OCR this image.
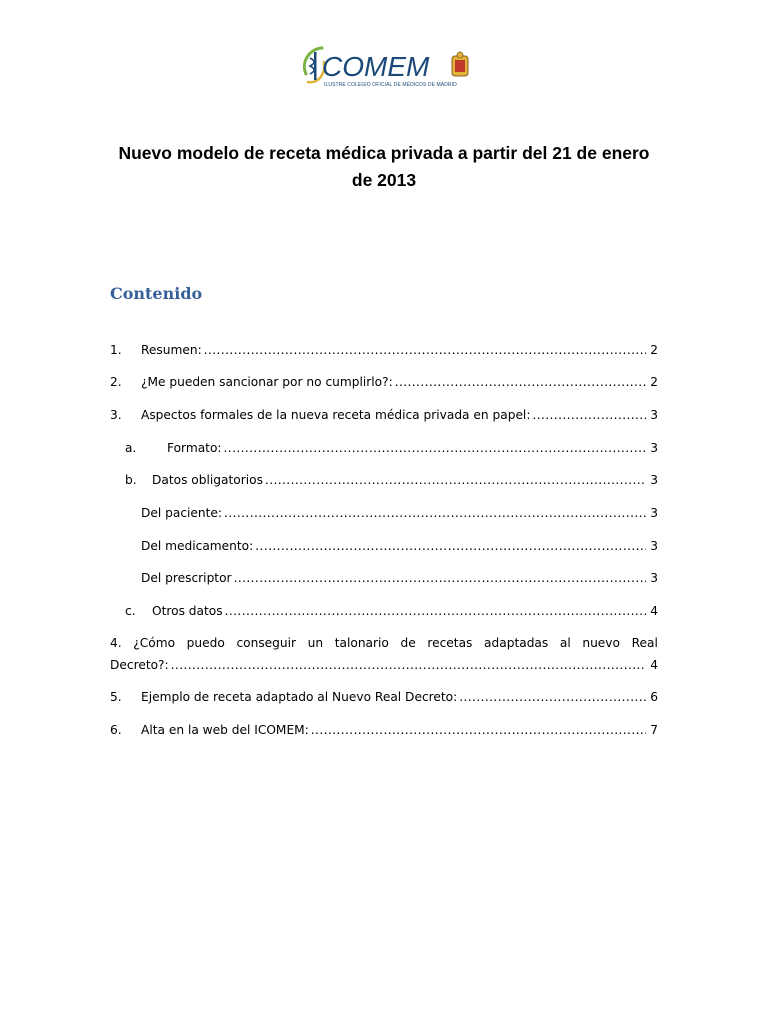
COMEM
ILUSTRE COLEGIO OFICIAL DE MÉDICOS DE MADRID
Nuevo modelo de receta médica privada a partir del 21 de enero
de 2013
Contenido
1.	Resumen: .....	2
2.	¿Me pueden sancionar por no cumplirlo?: .....	2
3.	Aspectos formales de la nueva receta médica privada en papel: .....	3
a.	Formato: .....	3
b.	Datos obligatorios .....	3
Del paciente: .....	3
Del medicamento: .....	3
Del prescriptor .....	3
c.	Otros datos .....	4
4. ¿Cómo puedo conseguir un talonario de recetas adaptadas al nuevo Real
Decreto?: .....	4
5.	Ejemplo de receta adaptado al Nuevo Real Decreto: .....	6
6.	Alta en la web del ICOMEM: .....	7
